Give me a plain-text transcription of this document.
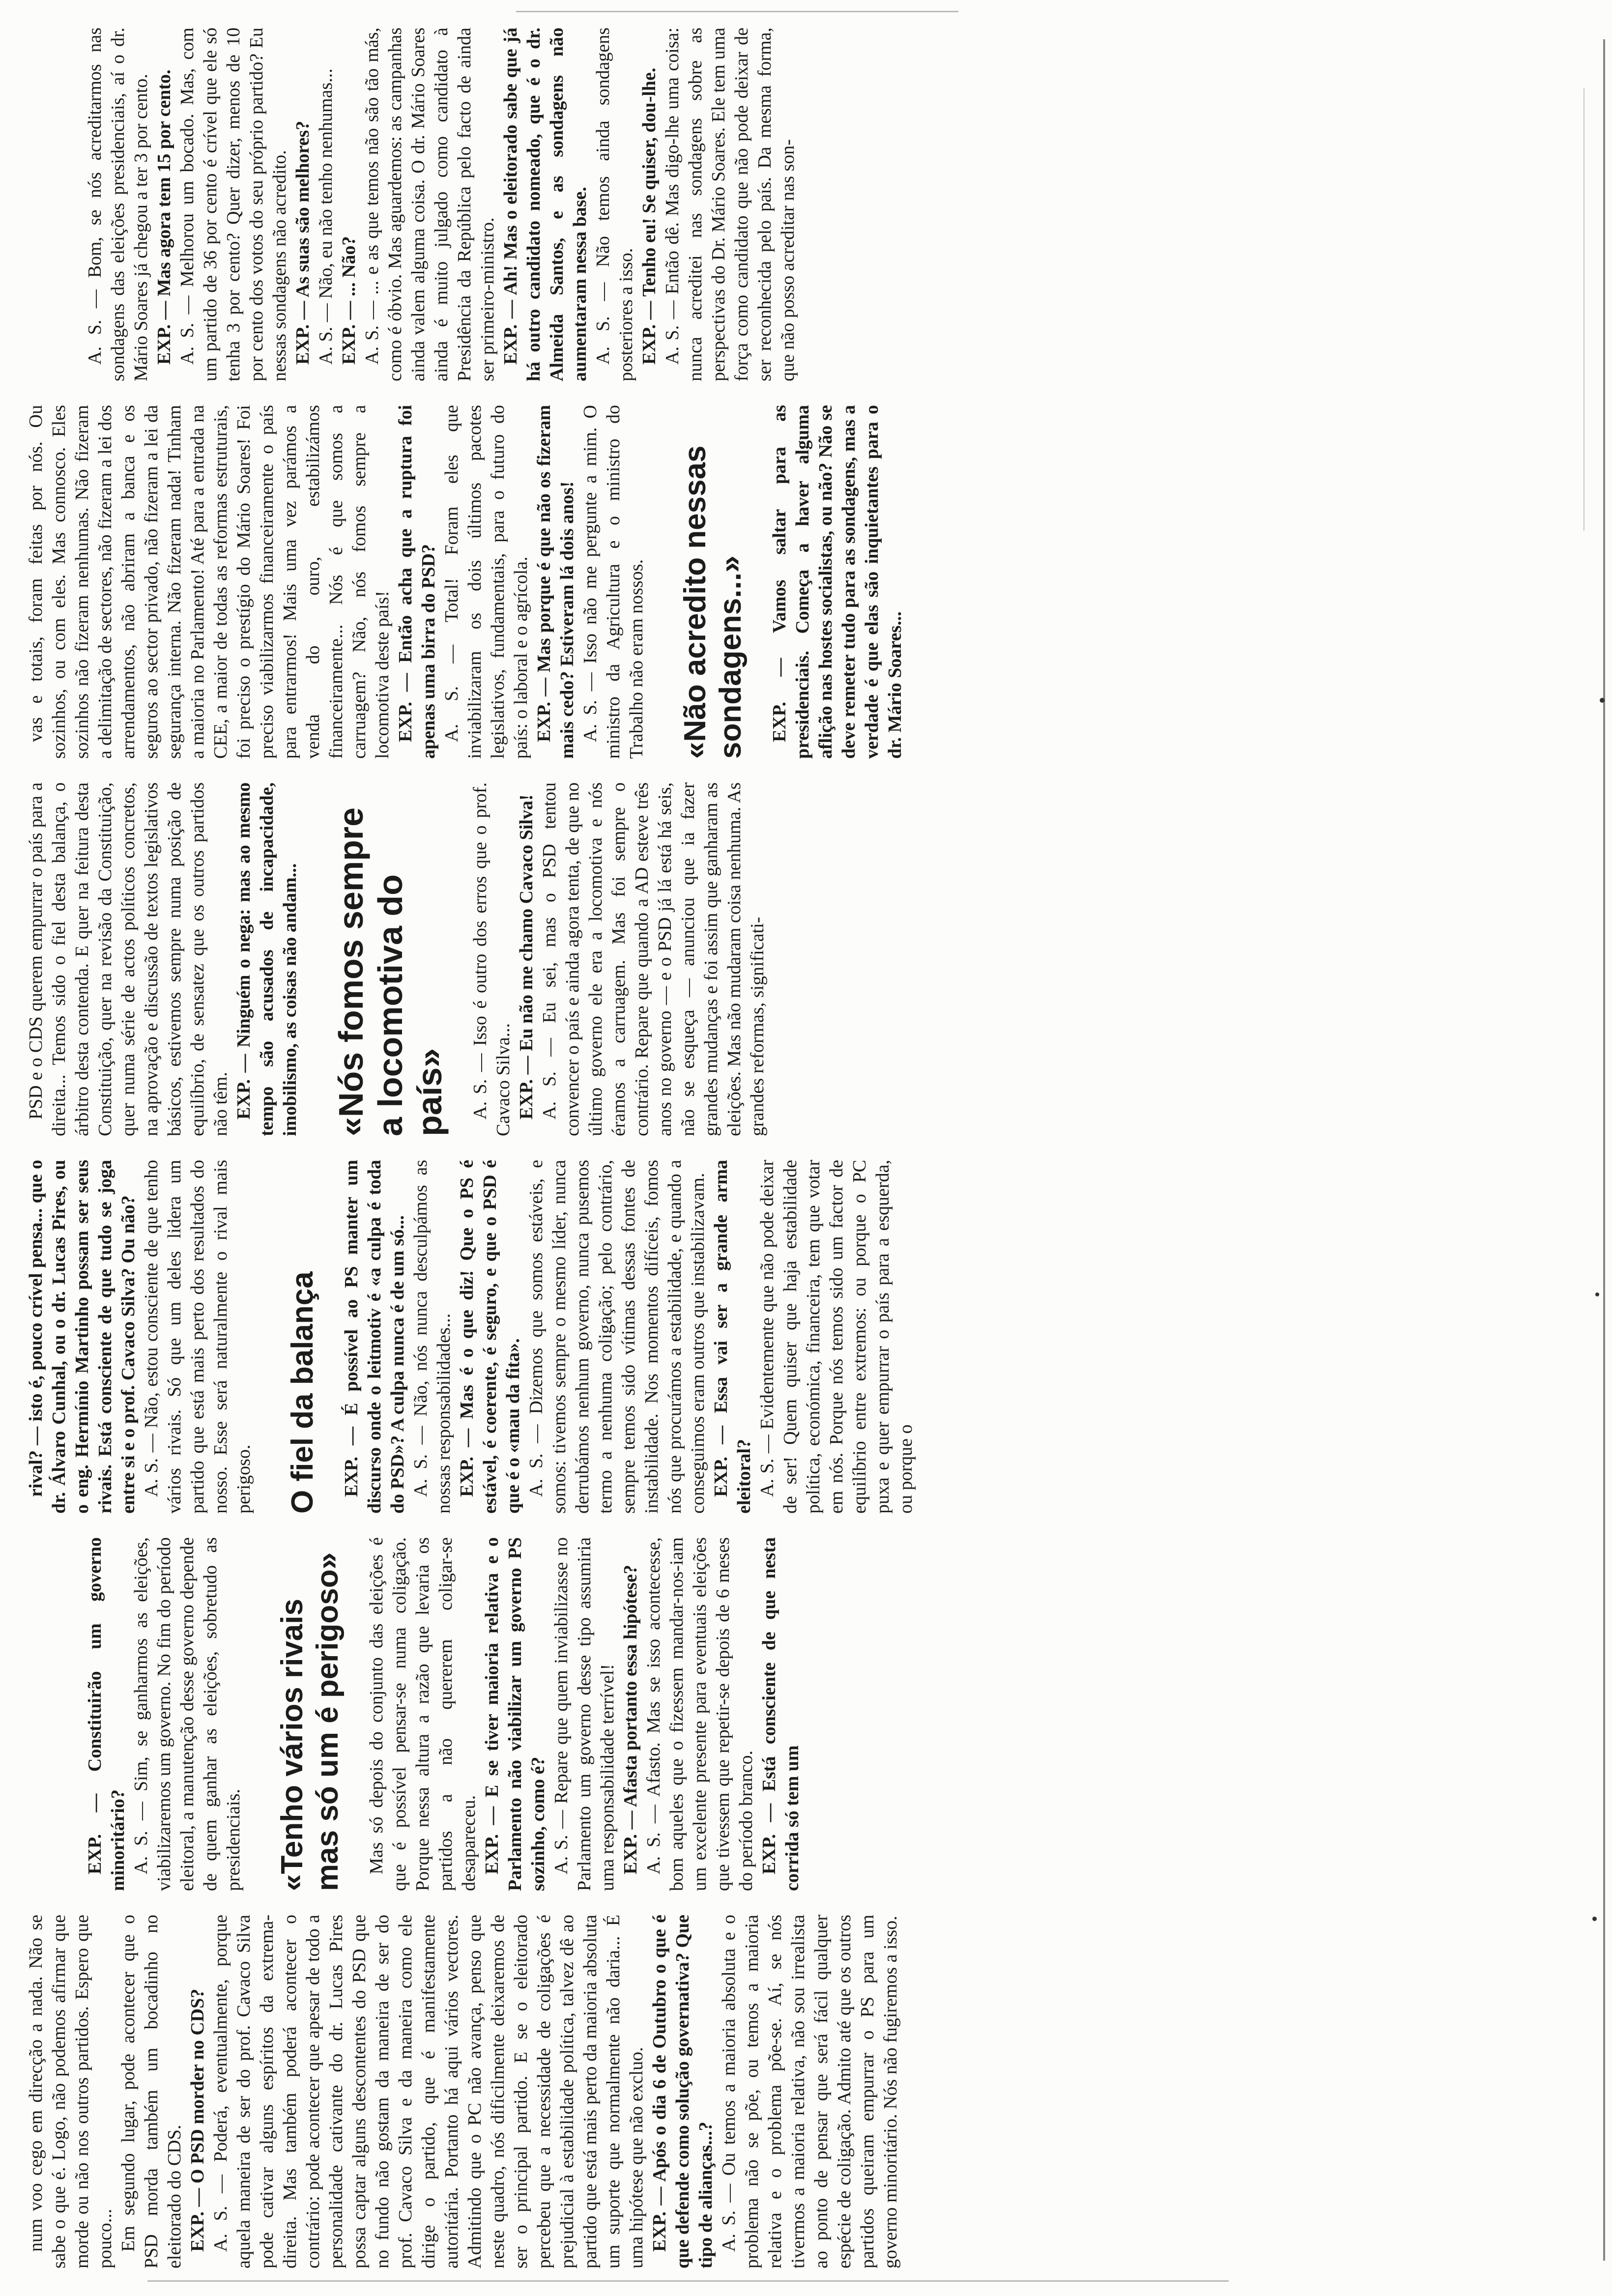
num voo cego em direcção a nada. Não se sabe o que é. Logo, não podemos afirmar que morde ou não nos outros partidos. Espero que pouco... Em segundo lugar, pode acontecer que o PSD morda também um bocadinho no eleitorado do CDS. EXP. — O PSD morder no CDS? A. S. — Poderá, eventualmente, porque aquela maneira de ser do prof. Cavaco Silva pode cativar alguns espíritos da extrema-direita. Mas também poderá acontecer o contrário: pode acontecer que apesar de todo a personalidade cativante do dr. Lucas Pires possa captar alguns descontentes do PSD que no fundo não gostam da maneira de ser do prof. Cavaco Silva e da maneira como ele dirige o partido, que é manifestamente autoritária. Portanto há aqui vários vectores. Admitindo que o PC não avança, penso que neste quadro, nós dificilmente deixaremos de ser o principal partido. E se o eleitorado percebeu que a necessidade de coligações é prejudicial à estabilidade política, talvez dê ao partido que está mais perto da maioria absoluta um suporte que normalmente não daria... É uma hipótese que não excluo. EXP. — Após o dia 6 de Outubro o que é que defende como solução governativa? Que tipo de alianças...? A. S. — Ou temos a maioria absoluta e o problema não se põe, ou temos a maioria relativa e o problema põe-se. Aí, se nós tivermos a maioria relativa, não sou irrealista ao ponto de pensar que será fácil qualquer espécie de coligação. Admito até que os outros partidos queiram empurrar o PS para um governo minoritário. Nós não fugiremos a isso.

EXP. — Constituirão um governo minoritário? A. S. — Sim, se ganharmos as eleições, viabilizaremos um governo. No fim do período eleitoral, a manutenção desse governo depende de quem ganhar as eleições, sobretudo as presidenciais. «Tenho vários rivais mas só um é perigoso» Mas só depois do conjunto das eleições é que é possível pensar-se numa coligação. Porque nessa altura a razão que levaria os partidos a não quererem coligar-se desapareceu. EXP. — E se tiver maioria relativa e o Parlamento não viabilizar um governo PS sozinho, como é? A. S. — Repare que quem inviabilizasse no Parlamento um governo desse tipo assumiria uma responsabilidade terrível! EXP. — Afasta portanto essa hipótese? A. S. — Afasto. Mas se isso acontecesse, bom aqueles que o fizessem mandar-nos-iam um excelente presente para eventuais eleições que tivessem que repetir-se depois de 6 meses do período branco. EXP. — Está consciente de que nesta corrida só tem um

rival? — isto é, pouco crível pensa... que o dr. Álvaro Cunhal, ou o dr. Lucas Pires, ou o eng. Hermínio Martinho possam ser seus rivais. Está consciente de que tudo se joga entre si e o prof. Cavaco Silva? Ou não? A. S. — Não, estou consciente de que tenho vários rivais. Só que um deles lidera um partido que está mais perto dos resultados do nosso. Esse será naturalmente o rival mais perigoso. O fiel da balança EXP. — É possível ao PS manter um discurso onde o leitmotiv é «a culpa é toda do PSD»? A culpa nunca é de um só... A. S. — Não, nós nunca desculpámos as nossas responsabilidades... EXP. — Mas é o que diz! Que o PS é estável, é coerente, é seguro, e que o PSD é que é o «mau da fita». A. S. — Dizemos que somos estáveis, e somos: tivemos sempre o mesmo líder, nunca derrubámos nenhum governo, nunca pusemos termo a nenhuma coligação; pelo contrário, sempre temos sido vítimas dessas fontes de instabilidade. Nos momentos difíceis, fomos nós que procurámos a estabilidade, e quando a conseguimos eram outros que instabilizavam. EXP. — Essa vai ser a grande arma eleitoral? A. S. — Evidentemente que não pode deixar de ser! Quem quiser que haja estabilidade política, económica, financeira, tem que votar em nós. Porque nós temos sido um factor de equilíbrio entre extremos: ou porque o PC puxa e quer empurrar o país para a esquerda, ou porque o

PSD e o CDS querem empurrar o país para a direita... Temos sido o fiel desta balança, o árbitro desta contenda. E quer na feitura desta Constituição, quer na revisão da Constituição, quer numa série de actos políticos concretos, na aprovação e discussão de textos legislativos básicos, estivemos sempre numa posição de equilíbrio, de sensatez que os outros partidos não têm. EXP. — Ninguém o nega: mas ao mesmo tempo são acusados de incapacidade, imobilismo, as coisas não andam... «Nós fomos sempre a locomotiva do país» A. S. — Isso é outro dos erros que o prof. Cavaco Silva... EXP. — Eu não me chamo Cavaco Silva! A. S. — Eu sei, mas o PSD tentou convencer o país e ainda agora tenta, de que no último governo ele era a locomotiva e nós éramos a carruagem. Mas foi sempre o contrário. Repare que quando a AD esteve três anos no governo — e o PSD já lá está há seis, não se esqueça — anunciou que ia fazer grandes mudanças e foi assim que ganharam as eleições. Mas não mudaram coisa nenhuma. As grandes reformas, significati-

vas e totais, foram feitas por nós. Ou sozinhos, ou com eles. Mas connosco. Eles sozinhos não fizeram nenhumas. Não fizeram a delimitação de sectores, não fizeram a lei dos arrendamentos, não abriram a banca e os seguros ao sector privado, não fizeram a lei da segurança interna. Não fizeram nada! Tinham a maioria no Parlamento! Até para a entrada na CEE, a maior de todas as reformas estruturais, foi preciso o prestígio do Mário Soares! Foi preciso viabilizarmos financeiramente o país para entrarmos! Mais uma vez parámos a venda do ouro, estabilizámos financeiramente... Nós é que somos a carruagem? Não, nós fomos sempre a locomotiva deste país! EXP. — Então acha que a ruptura foi apenas uma birra do PSD? A. S. — Total! Foram eles que inviabilizaram os dois últimos pacotes legislativos, fundamentais, para o futuro do país: o laboral e o agrícola. EXP. — Mas porque é que não os fizeram mais cedo? Estiveram lá dois anos! A. S. — Isso não me pergunte a mim. O ministro da Agricultura e o ministro do Trabalho não eram nossos. «Não acredito nessas sondagens...» EXP. — Vamos saltar para as presidenciais. Começa a haver alguma aflição nas hostes socialistas, ou não? Não se deve remeter tudo para as sondagens, mas a verdade é que elas são inquietantes para o dr. Mário Soares...

A. S. — Bom, se nós acreditarmos nas sondagens das eleições presidenciais, aí o dr. Mário Soares já chegou a ter 3 por cento. EXP. — Mas agora tem 15 por cento. A. S. — Melhorou um bocado. Mas, com um partido de 36 por cento é crível que ele só tenha 3 por cento? Quer dizer, menos de 10 por cento dos votos do seu próprio partido? Eu nessas sondagens não acredito. EXP. — As suas são melhores? A. S. — Não, eu não tenho nenhumas... EXP. — ... Não? A. S. — ... e as que temos não são tão más, como é óbvio. Mas aguardemos: as campanhas ainda valem alguma coisa. O dr. Mário Soares ainda é muito julgado como candidato à Presidência da República pelo facto de ainda ser primeiro-ministro. EXP. — Ah! Mas o eleitorado sabe que já há outro candidato nomeado, que é o dr. Almeida Santos, e as sondagens não aumentaram nessa base. A. S. — Não temos ainda sondagens posteriores a isso. EXP. — Tenho eu! Se quiser, dou-lhe. A. S. — Então dê. Mas digo-lhe uma coisa: nunca acreditei nas sondagens sobre as perspectivas do Dr. Mário Soares. Ele tem uma força como candidato que não pode deixar de ser reconhecida pelo país. Da mesma forma, que não posso acreditar nas son-
